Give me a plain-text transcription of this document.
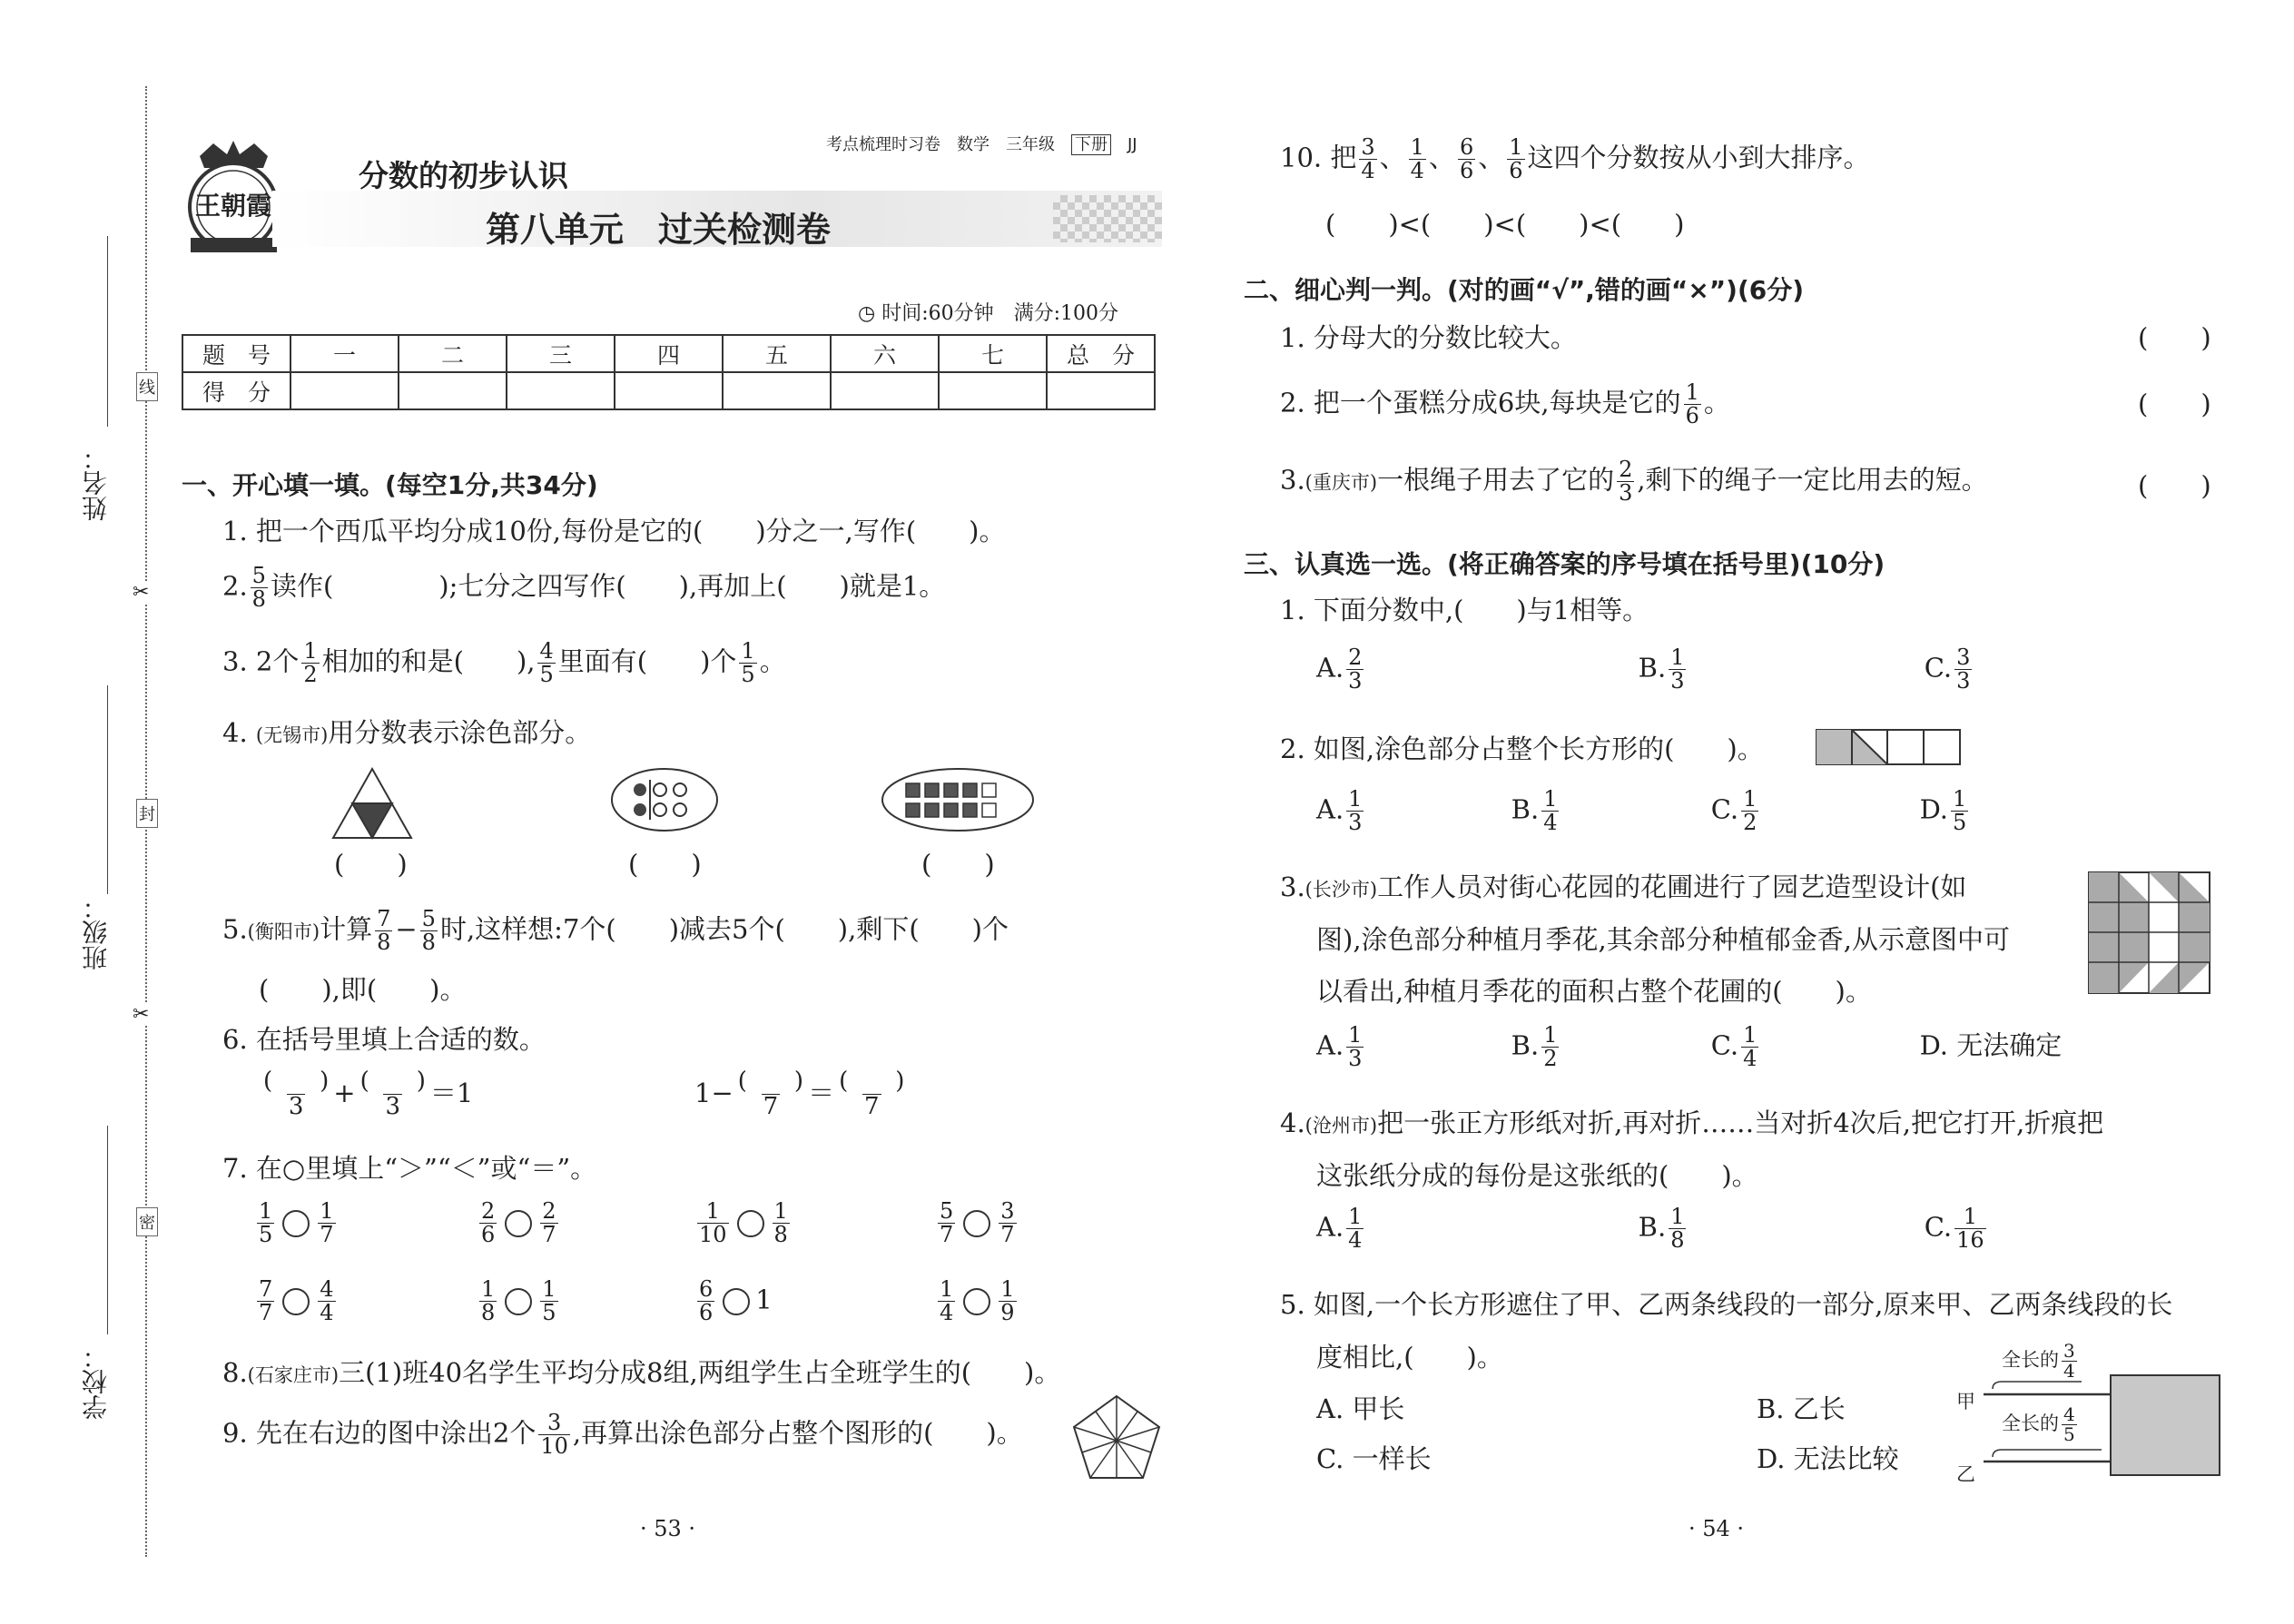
姓名：
班级：
学校：
线
封
密
✂
✂
王朝霞
考点梳理时习卷　 数学　 三年级　 下册　 JJ
分数的初步认识
第八单元　过关检测卷
◷ 时间:60分钟　 满分:100分
题　号	一	二	三	四	五	六	七	总　分
得　分								
一、开心填一填。(每空1分,共34分)
1. 把一个西瓜平均分成10份,每份是它的(　　)分之一,写作(　　)。
2. $\frac{5}{8}$ 读作(　　　　);七分之四写作(　　),再加上(　　)就是1。
3. 2个 $\frac{1}{2}$ 相加的和是(　　), $\frac{4}{5}$ 里面有(　　)个 $\frac{1}{5}$ 。
4. (无锡市)用分数表示涂色部分。
(　　)	(　　)	(　　)
5.(衡阳市)计算 $\frac{7}{8} - \frac{5}{8}$ 时,这样想:7个(　　)减去5个(　　),剩下(　　)个
(　　),即(　　)。
6. 在括号里填上合适的数。
$\frac{( )}{3} + \frac{( )}{3} =1$	$1- \frac{( )}{7} = \frac{( )}{7}$
7. 在○里填上“＞”“＜”或“＝”。
$\frac{1}{5} \frac{1}{7}$	$\frac{2}{6} \frac{2}{7}$	$\frac{1}{10} \frac{1}{8}$	$\frac{5}{7} \frac{3}{7}$
$\frac{7}{7} \frac{4}{4}$	$\frac{1}{8} \frac{1}{5}$	$\frac{6}{6} 1$	$\frac{1}{4} \frac{1}{9}$
8.(石家庄市)三(1)班40名学生平均分成8组,两组学生占全班学生的(　　)。
9. 先在右边的图中涂出2个 $\frac{3}{10}$ ,再算出涂色部分占整个图形的(　　)。
· 53 ·
10. 把 $\frac{3}{4}$ 、 $\frac{1}{4}$ 、 $\frac{6}{6}$ 、 $\frac{1}{6}$ 这四个分数按从小到大排序。
(　　)<(　　)<(　　)<(　　)
二、细心判一判。(对的画“√”,错的画“×”)(6分)
1. 分母大的分数比较大。	(　　)
2. 把一个蛋糕分成6块,每块是它的 $\frac{1}{6}$ 。	(　　)
3.(重庆市)一根绳子用去了它的 $\frac{2}{3}$ ,剩下的绳子一定比用去的短。	(　　)
三、认真选一选。(将正确答案的序号填在括号里)(10分)
1. 下面分数中,(　　)与1相等。
A. $\frac{2}{3}$	B. $\frac{1}{3}$	C. $\frac{3}{3}$
2. 如图,涂色部分占整个长方形的(　　)。
A. $\frac{1}{3}$	B. $\frac{1}{4}$	C. $\frac{1}{2}$	D. $\frac{1}{5}$
3.(长沙市)工作人员对街心花园的花圃进行了园艺造型设计(如
图),涂色部分种植月季花,其余部分种植郁金香,从示意图中可
以看出,种植月季花的面积占整个花圃的(　　)。
A. $\frac{1}{3}$	B. $\frac{1}{2}$	C. $\frac{1}{4}$	D. 无法确定
4.(沧州市)把一张正方形纸对折,再对折……当对折4次后,把它打开,折痕把
这张纸分成的每份是这张纸的(　　)。
A. $\frac{1}{4}$	B. $\frac{1}{8}$	C. $\frac{1}{16}$
5. 如图,一个长方形遮住了甲、乙两条线段的一部分,原来甲、乙两条线段的长
度相比,(　　)。
A. 甲长	B. 乙长
C. 一样长	D. 无法比较
全长的 $\frac{3}{4}$
甲
全长的 $\frac{4}{5}$
乙
· 54 ·
